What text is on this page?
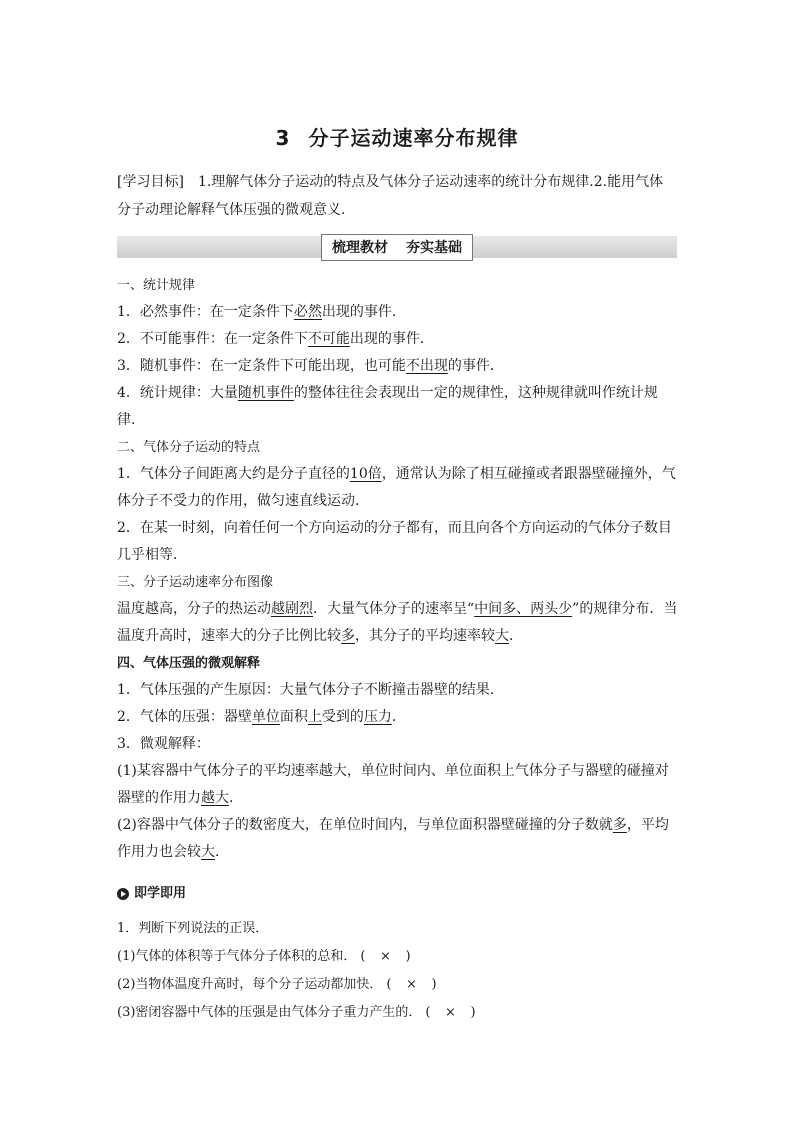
3 分子运动速率分布规律
[学习目标] 1.理解气体分子运动的特点及气体分子运动速率的统计分布规律.2.能用气体分子动理论解释气体压强的微观意义.
梳理教材 夯实基础

一、统计规律

1．必然事件：在一定条件下必然出现的事件．

2．不可能事件：在一定条件下不可能出现的事件．

3．随机事件：在一定条件下可能出现，也可能不出现的事件．

4．统计规律：大量随机事件的整体往往会表现出一定的规律性，这种规律就叫作统计规律．

二、气体分子运动的特点

1．气体分子间距离大约是分子直径的10倍，通常认为除了相互碰撞或者跟器壁碰撞外，气体分子不受力的作用，做匀速直线运动．

2．在某一时刻，向着任何一个方向运动的分子都有，而且向各个方向运动的气体分子数目几乎相等．

三、分子运动速率分布图像

温度越高，分子的热运动越剧烈．大量气体分子的速率呈“中间多、两头少”的规律分布．当温度升高时，速率大的分子比例比较多，其分子的平均速率较大．

四、气体压强的微观解释

1．气体压强的产生原因：大量气体分子不断撞击器壁的结果．

2．气体的压强：器壁单位面积上受到的压力．

3．微观解释：

(1)某容器中气体分子的平均速率越大，单位时间内、单位面积上气体分子与器壁的碰撞对器壁的作用力越大．

(2)容器中气体分子的数密度大，在单位时间内，与单位面积器壁碰撞的分子数就多，平均作用力也会较大．

即学即用

1．判断下列说法的正误．

(1)气体的体积等于气体分子体积的总和． ( × )

(2)当物体温度升高时，每个分子运动都加快． ( × )

(3)密闭容器中气体的压强是由气体分子重力产生的． ( × )
